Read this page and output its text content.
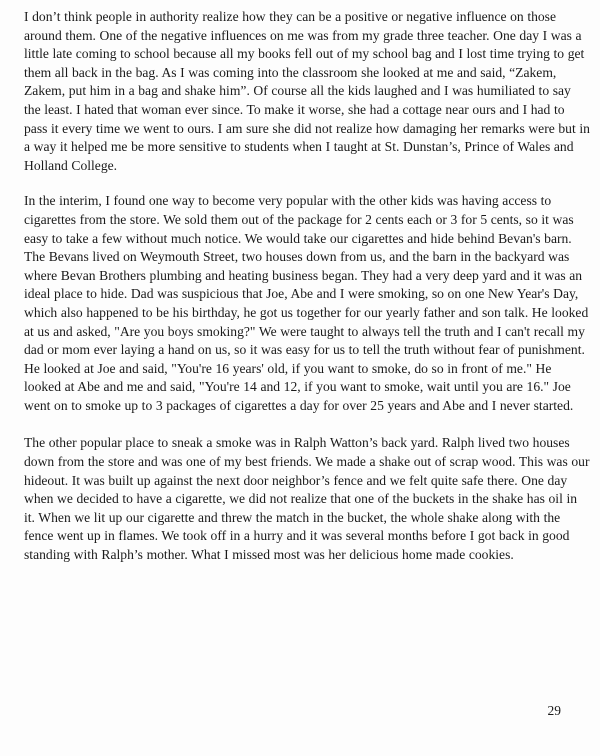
I don’t think people in authority realize how they can be a positive or negative influence on those around them. One of the negative influences on me was from my grade three teacher. One day I was a little late coming to school because all my books fell out of my school bag and I lost time trying to get them all back in the bag. As I was coming into the classroom she looked at me and said, “Zakem, Zakem, put him in a bag and shake him”. Of course all the kids laughed and I was humiliated to say the least. I hated that woman ever since. To make it worse, she had a cottage near ours and I had to pass it every time we went to ours. I am sure she did not realize how damaging her remarks were but in a way it helped me be more sensitive to students when I taught at St. Dunstan’s, Prince of Wales and Holland College.

In the interim, I found one way to become very popular with the other kids was having access to cigarettes from the store. We sold them out of the package for 2 cents each or 3 for 5 cents, so it was easy to take a few without much notice. We would take our cigarettes and hide behind Bevan's barn. The Bevans lived on Weymouth Street, two houses down from us, and the barn in the backyard was where Bevan Brothers plumbing and heating business began. They had a very deep yard and it was an ideal place to hide. Dad was suspicious that Joe, Abe and I were smoking, so on one New Year's Day, which also happened to be his birthday, he got us together for our yearly father and son talk. He looked at us and asked, "Are you boys smoking?" We were taught to always tell the truth and I can't recall my dad or mom ever laying a hand on us, so it was easy for us to tell the truth without fear of punishment. He looked at Joe and said, "You're 16 years' old, if you want to smoke, do so in front of me." He looked at Abe and me and said, "You're 14 and 12, if you want to smoke, wait until you are 16." Joe went on to smoke up to 3 packages of cigarettes a day for over 25 years and Abe and I never started.

The other popular place to sneak a smoke was in Ralph Watton’s back yard. Ralph lived two houses down from the store and was one of my best friends. We made a shake out of scrap wood. This was our hideout. It was built up against the next door neighbor’s fence and we felt quite safe there. One day when we decided to have a cigarette, we did not realize that one of the buckets in the shake has oil in it. When we lit up our cigarette and threw the match in the bucket, the whole shake along with the fence went up in flames. We took off in a hurry and it was several months before I got back in good standing with Ralph’s mother. What I missed most was her delicious home made cookies.

29
